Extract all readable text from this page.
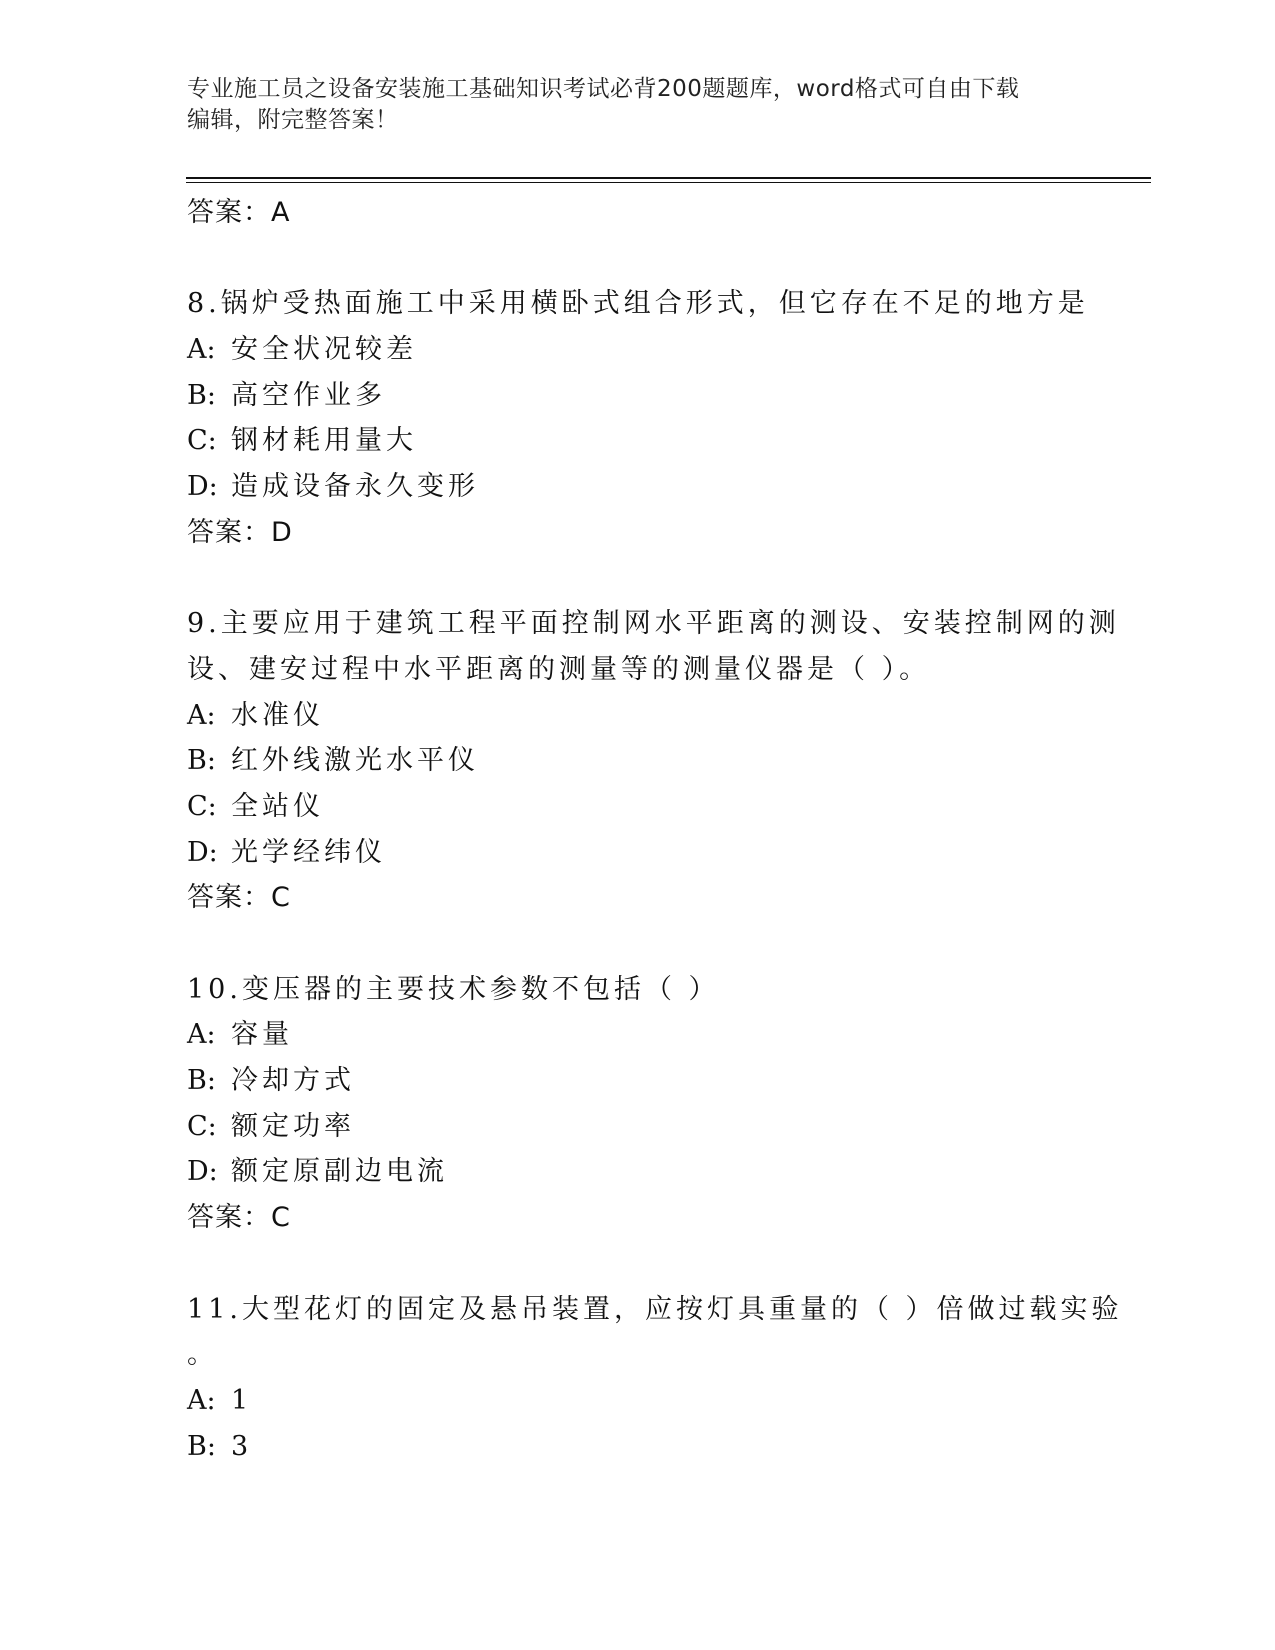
专业施工员之设备安装施工基础知识考试必背200题题库，word格式可自由下载
编辑，附完整答案！
答案：A
8.锅炉受热面施工中采用横卧式组合形式，但它存在不足的地方是
A: 安全状况较差
B: 高空作业多
C: 钢材耗用量大
D: 造成设备永久变形
答案：D
9.主要应用于建筑工程平面控制网水平距离的测设、安装控制网的测
设、建安过程中水平距离的测量等的测量仪器是（ ）。
A: 水准仪
B: 红外线激光水平仪
C: 全站仪
D: 光学经纬仪
答案：C
10.变压器的主要技术参数不包括（ ）
A: 容量
B: 冷却方式
C: 额定功率
D: 额定原副边电流
答案：C
11.大型花灯的固定及悬吊装置，应按灯具重量的（ ）倍做过载实验
。
A: 1
B: 3
